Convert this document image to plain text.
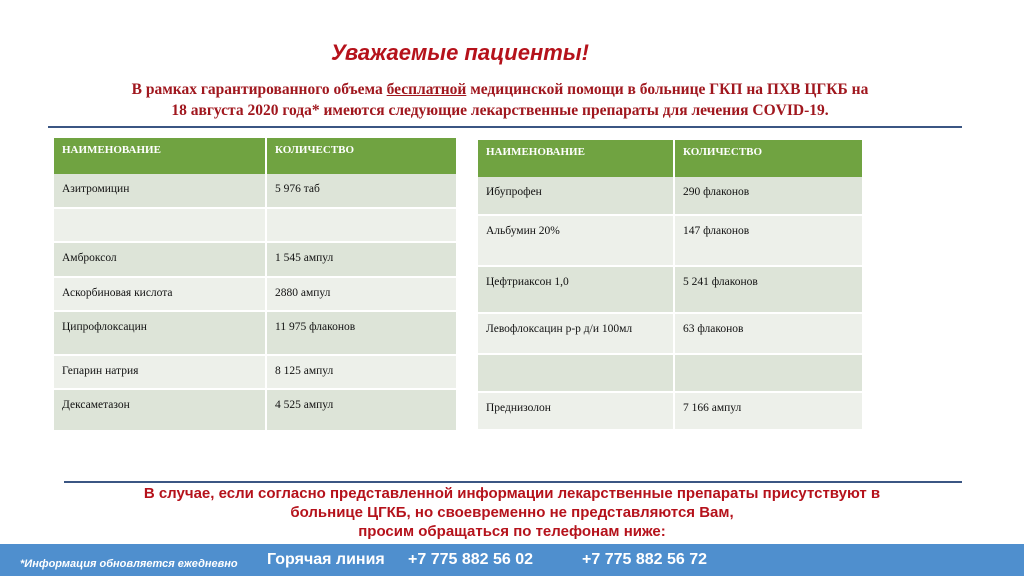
Уважаемые пациенты!
В рамках гарантированного объема бесплатной медицинской помощи в больнице ГКП на ПХВ ЦГКБ на
18 августа 2020 года* имеются следующие лекарственные препараты для лечения COVID-19.
НАИМЕНОВАНИЕ	КОЛИЧЕСТВО
Азитромицин	5 976 таб

Амброксол	1 545 ампул
Аскорбиновая кислота	2880 ампул
Ципрофлоксацин	11 975 флаконов
Гепарин натрия	8 125 ампул
Дексаметазон	4 525 ампул
НАИМЕНОВАНИЕ	КОЛИЧЕСТВО
Ибупрофен	290 флаконов
Альбумин 20%	147 флаконов
Цефтриаксон 1,0	5 241 флаконов
Левофлоксацин р-р д/и 100мл	63 флаконов

Преднизолон	7 166 ампул
В случае, если согласно представленной информации лекарственные препараты присутствуют в
больнице ЦГКБ, но своевременно не представляются Вам,
просим обращаться по телефонам ниже:
*Информация обновляется ежедневно Горячая линия +7 775 882 56 02	+7 775 882 56 72
